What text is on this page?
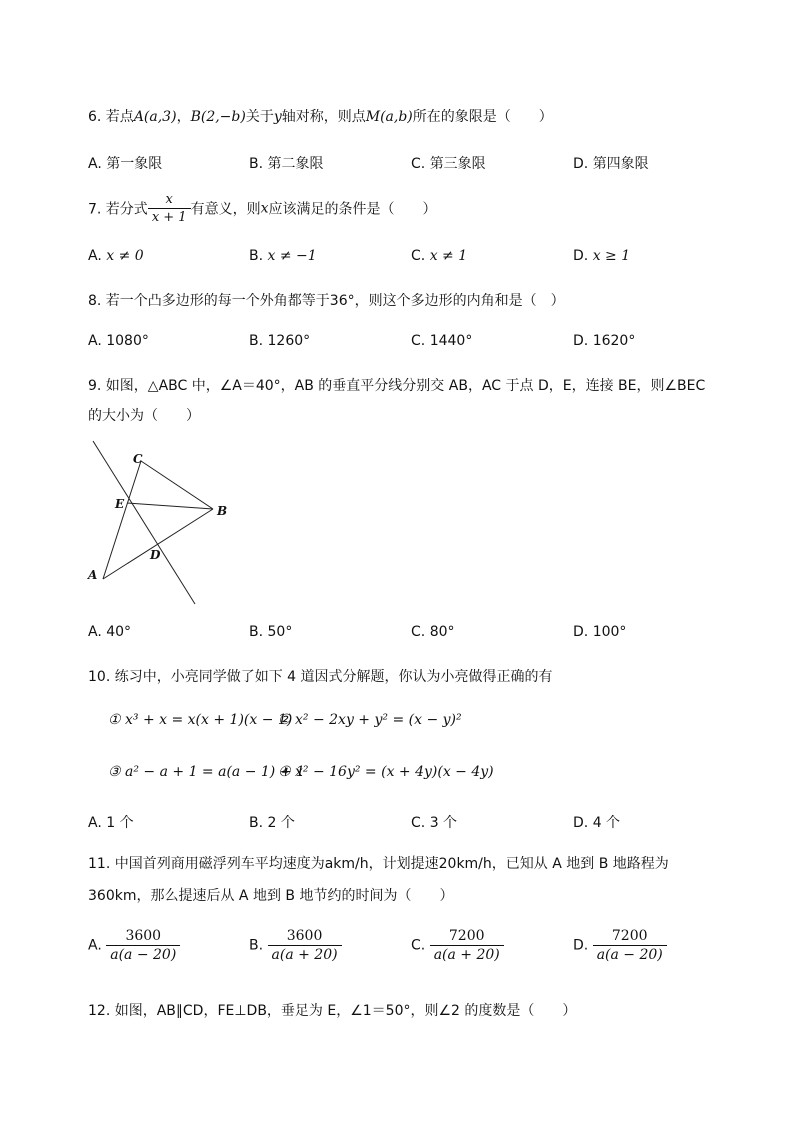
6. 若点A(a,3)，B(2,−b)关于y轴对称，则点M(a,b)所在的象限是（　　）
A. 第一象限	B. 第二象限	C. 第三象限	D. 第四象限
7. 若分式 $\frac{x}{x + 1}$ 有意义，则x应该满足的条件是（　　）
A. x ≠ 0	B. x ≠ −1	C. x ≠ 1	D. x ≥ 1
8. 若一个凸多边形的每一个外角都等于36°，则这个多边形的内角和是（　）
A. 1080°	B. 1260°	C. 1440°	D. 1620°
9. 如图，△ABC 中，∠A＝40°，AB 的垂直平分线分别交 AB，AC 于点 D，E，连接 BE，则∠BEC
的大小为（　　）
C
E	B
D
A
A. 40°	B. 50°	C. 80°	D. 100°
10. 练习中，小亮同学做了如下 4 道因式分解题，你认为小亮做得正确的有
① x³ + x = x(x + 1)(x − 1)
② x² − 2xy + y² = (x − y)²
③ a² − a + 1 = a(a − 1) + 1
④ x² − 16y² = (x + 4y)(x − 4y)
A. 1 个	B. 2 个	C. 3 个	D. 4 个
11. 中国首列商用磁浮列车平均速度为akm/h，计划提速20km/h，已知从 A 地到 B 地路程为
360km，那么提速后从 A 地到 B 地节约的时间为（　　）
A. $\frac{3600}{a(a - 20)}$	B. $\frac{3600}{a(a + 20)}$	C. $\frac{7200}{a(a + 20)}$	D. $\frac{7200}{a(a - 20)}$
12. 如图，AB∥CD，FE⊥DB，垂足为 E，∠1＝50°，则∠2 的度数是（　　）
